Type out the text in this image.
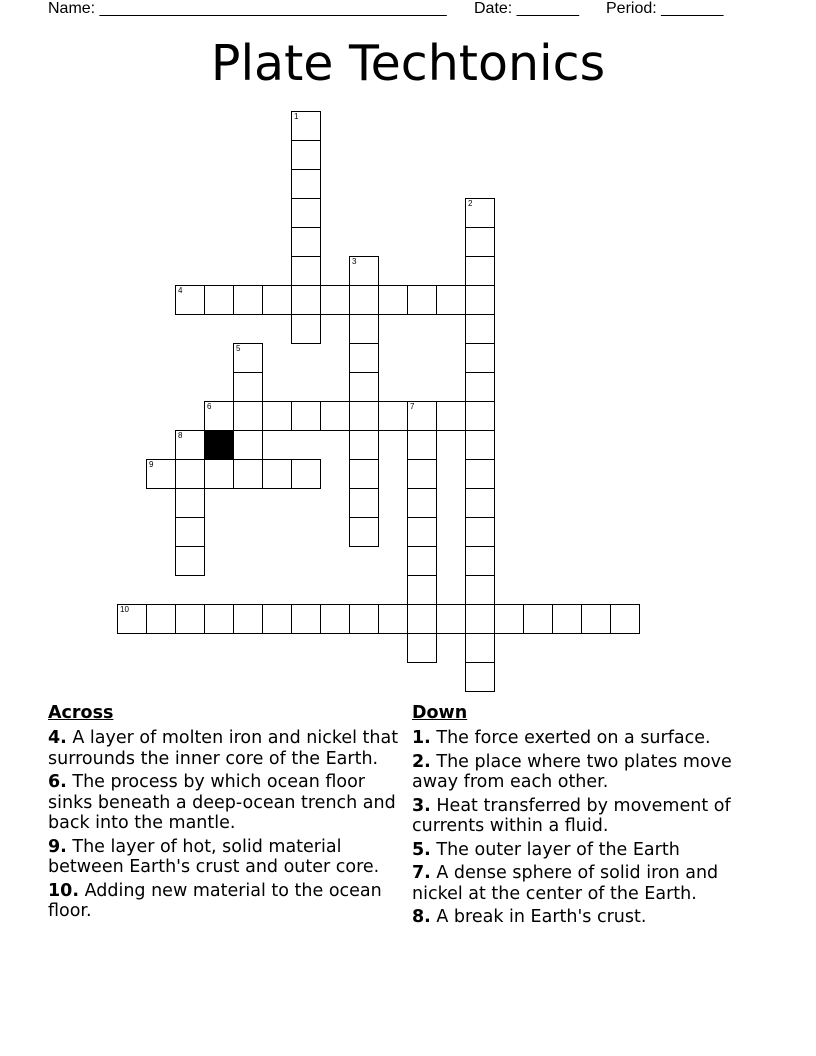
Name: _______________________________________ Date: _______ Period: _______
Plate Techtonics
1
2
3
4
5
6	7
8
9
10
Across
4. A layer of molten iron and nickel that surrounds the inner core of the Earth.
6. The process by which ocean floor sinks beneath a deep-ocean trench and back into the mantle.
9. The layer of hot, solid material between Earth's crust and outer core.
10. Adding new material to the ocean floor.
Down
1. The force exerted on a surface.
2. The place where two plates move away from each other.
3. Heat transferred by movement of currents within a fluid.
5. The outer layer of the Earth
7. A dense sphere of solid iron and nickel at the center of the Earth.
8. A break in Earth's crust.
